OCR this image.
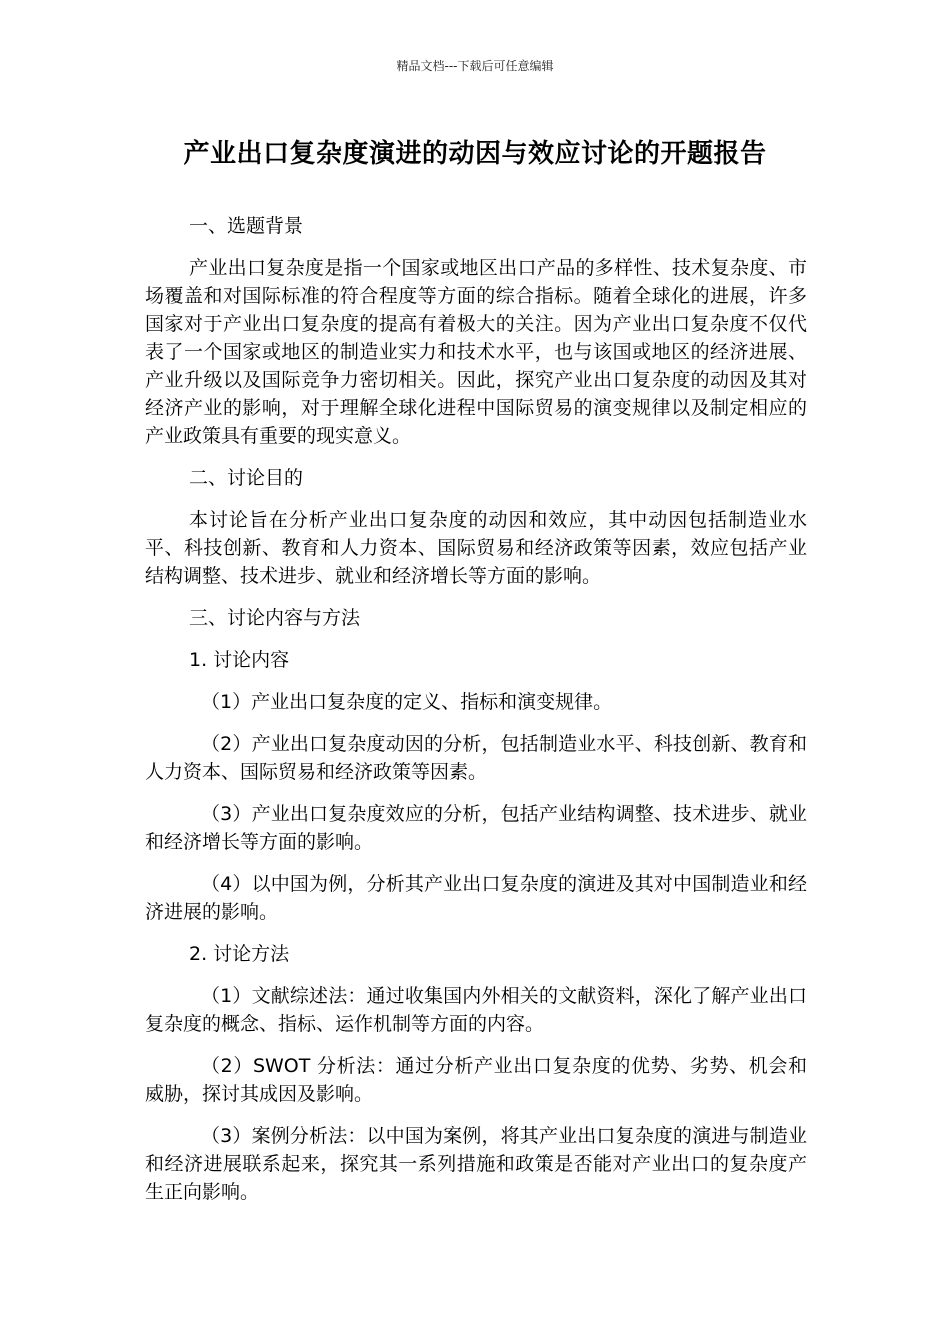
精品文档---下载后可任意编辑
产业出口复杂度演进的动因与效应讨论的开题报告

一、选题背景

产业出口复杂度是指一个国家或地区出口产品的多样性、技术复杂度、市场覆盖和对国际标准的符合程度等方面的综合指标。随着全球化的进展，许多国家对于产业出口复杂度的提高有着极大的关注。因为产业出口复杂度不仅代表了一个国家或地区的制造业实力和技术水平，也与该国或地区的经济进展、产业升级以及国际竞争力密切相关。因此，探究产业出口复杂度的动因及其对经济产业的影响，对于理解全球化进程中国际贸易的演变规律以及制定相应的产业政策具有重要的现实意义。

二、讨论目的

本讨论旨在分析产业出口复杂度的动因和效应，其中动因包括制造业水平、科技创新、教育和人力资本、国际贸易和经济政策等因素，效应包括产业结构调整、技术进步、就业和经济增长等方面的影响。

三、讨论内容与方法

1. 讨论内容

（1）产业出口复杂度的定义、指标和演变规律。

（2）产业出口复杂度动因的分析，包括制造业水平、科技创新、教育和人力资本、国际贸易和经济政策等因素。

（3）产业出口复杂度效应的分析，包括产业结构调整、技术进步、就业和经济增长等方面的影响。

（4）以中国为例，分析其产业出口复杂度的演进及其对中国制造业和经济进展的影响。

2. 讨论方法

（1）文献综述法：通过收集国内外相关的文献资料，深化了解产业出口复杂度的概念、指标、运作机制等方面的内容。

（2）SWOT 分析法：通过分析产业出口复杂度的优势、劣势、机会和威胁，探讨其成因及影响。

（3）案例分析法：以中国为案例，将其产业出口复杂度的演进与制造业和经济进展联系起来，探究其一系列措施和政策是否能对产业出口的复杂度产生正向影响。
